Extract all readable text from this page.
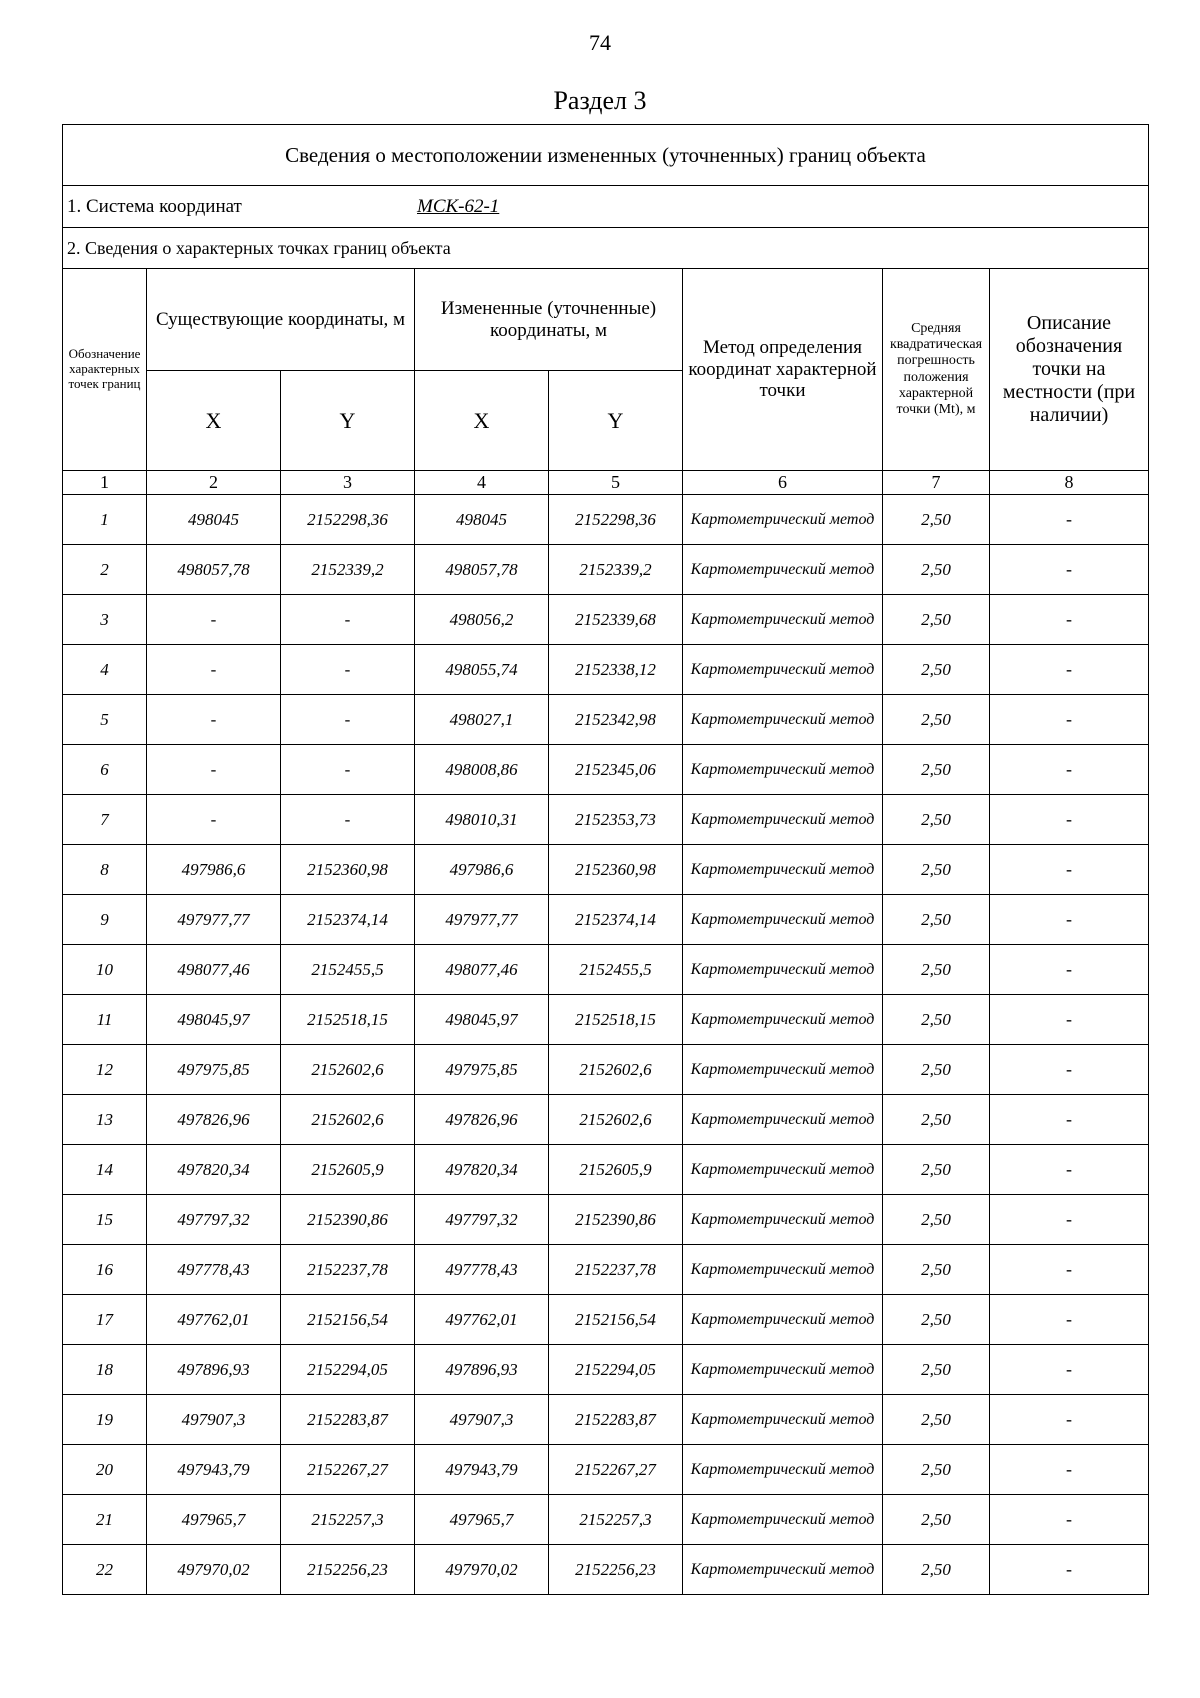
74
Раздел 3
Сведения о местоположении измененных (уточненных) границ объекта							
1. Система координат МСК-62-1							
2. Сведения о характерных точках границ объекта							
Обозначение характерных точек границ	Существующие координаты, м		Измененные (уточненные) координаты, м		Метод определения координат характерной точки	Средняя квадратическая погрешность положения характерной точки (Mt), м	Описание обозначения точки на местности (при наличии)
	X	Y	X	Y			
1	2	3	4	5	6	7	8
1	498045	2152298,36	498045	2152298,36	Картометрический метод	2,50	-
2	498057,78	2152339,2	498057,78	2152339,2	Картометрический метод	2,50	-
3	-	-	498056,2	2152339,68	Картометрический метод	2,50	-
4	-	-	498055,74	2152338,12	Картометрический метод	2,50	-
5	-	-	498027,1	2152342,98	Картометрический метод	2,50	-
6	-	-	498008,86	2152345,06	Картометрический метод	2,50	-
7	-	-	498010,31	2152353,73	Картометрический метод	2,50	-
8	497986,6	2152360,98	497986,6	2152360,98	Картометрический метод	2,50	-
9	497977,77	2152374,14	497977,77	2152374,14	Картометрический метод	2,50	-
10	498077,46	2152455,5	498077,46	2152455,5	Картометрический метод	2,50	-
11	498045,97	2152518,15	498045,97	2152518,15	Картометрический метод	2,50	-
12	497975,85	2152602,6	497975,85	2152602,6	Картометрический метод	2,50	-
13	497826,96	2152602,6	497826,96	2152602,6	Картометрический метод	2,50	-
14	497820,34	2152605,9	497820,34	2152605,9	Картометрический метод	2,50	-
15	497797,32	2152390,86	497797,32	2152390,86	Картометрический метод	2,50	-
16	497778,43	2152237,78	497778,43	2152237,78	Картометрический метод	2,50	-
17	497762,01	2152156,54	497762,01	2152156,54	Картометрический метод	2,50	-
18	497896,93	2152294,05	497896,93	2152294,05	Картометрический метод	2,50	-
19	497907,3	2152283,87	497907,3	2152283,87	Картометрический метод	2,50	-
20	497943,79	2152267,27	497943,79	2152267,27	Картометрический метод	2,50	-
21	497965,7	2152257,3	497965,7	2152257,3	Картометрический метод	2,50	-
22	497970,02	2152256,23	497970,02	2152256,23	Картометрический метод	2,50	-
